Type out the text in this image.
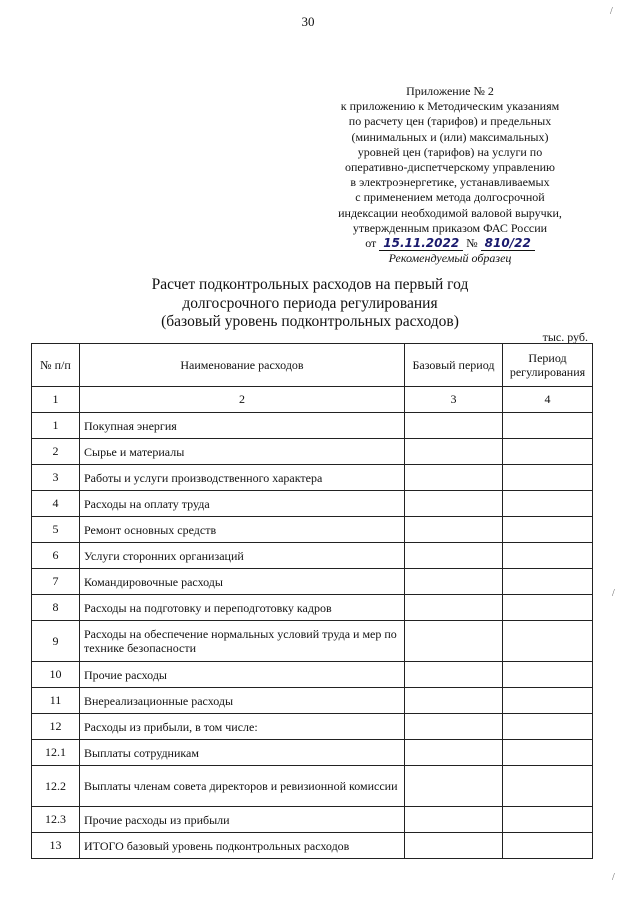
30
Приложение № 2
к приложению к Методическим указаниям
по расчету цен (тарифов) и предельных
(минимальных и (или) максимальных)
уровней цен (тарифов) на услуги по
оперативно-диспетчерскому управлению
в электроэнергетике, устанавливаемых
с применением метода долгосрочной
индексации необходимой валовой выручки,
утвержденным приказом ФАС России
от 15.11.2022 № 810/22
Рекомендуемый образец
Расчет подконтрольных расходов на первый год
долгосрочного периода регулирования
(базовый уровень подконтрольных расходов)
тыс. руб.
№ п/п	Наименование расходов	Базовый период	Период регулирования
1	2	3	4
1	Покупная энергия		
2	Сырье и материалы		
3	Работы и услуги производственного характера		
4	Расходы на оплату труда		
5	Ремонт основных средств		
6	Услуги сторонних организаций		
7	Командировочные расходы		
8	Расходы на подготовку и переподготовку кадров		
9	Расходы на обеспечение нормальных условий труда и мер по технике безопасности		
10	Прочие расходы		
11	Внереализационные расходы		
12	Расходы из прибыли, в том числе:		
12.1	Выплаты сотрудникам		
12.2	Выплаты членам совета директоров и ревизионной комиссии		
12.3	Прочие расходы из прибыли		
13	ИТОГО базовый уровень подконтрольных расходов		
/
/
/
